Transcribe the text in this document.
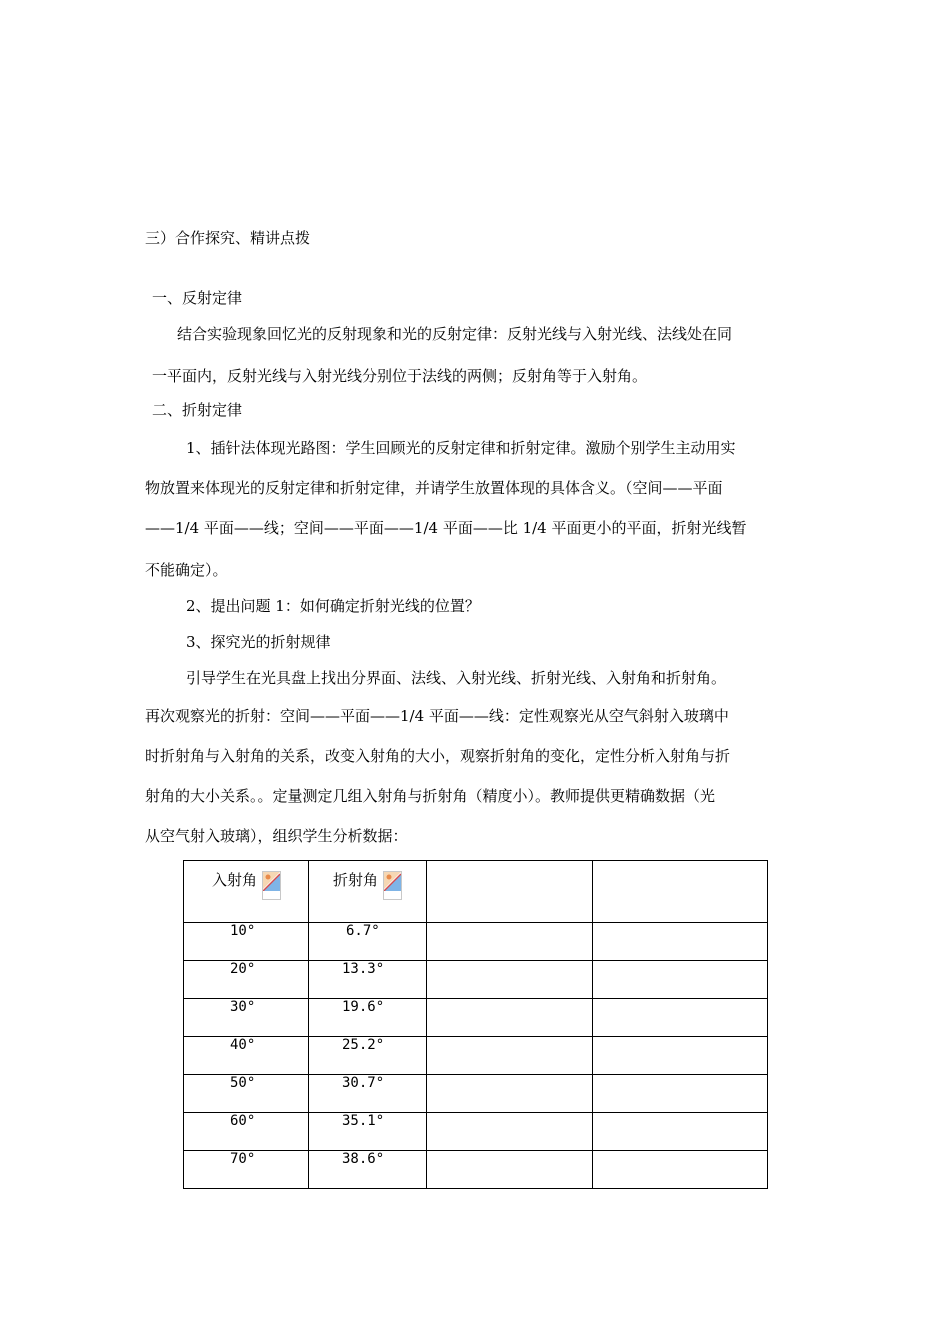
三）合作探究、精讲点拨
一、反射定律
结合实验现象回忆光的反射现象和光的反射定律：反射光线与入射光线、法线处在同
一平面内，反射光线与入射光线分别位于法线的两侧；反射角等于入射角。
二、折射定律
1、插针法体现光路图：学生回顾光的反射定律和折射定律。激励个别学生主动用实
物放置来体现光的反射定律和折射定律，并请学生放置体现的具体含义。（空间——平面
——1/4 平面——线；空间——平面——1/4 平面——比 1/4 平面更小的平面，折射光线暂
不能确定）。
2、提出问题 1：如何确定折射光线的位置？
3、探究光的折射规律
引导学生在光具盘上找出分界面、法线、入射光线、折射光线、入射角和折射角。
再次观察光的折射：空间——平面——1/4 平面——线：定性观察光从空气斜射入玻璃中
时折射角与入射角的关系，改变入射角的大小，观察折射角的变化，定性分析入射角与折
射角的大小关系。。定量测定几组入射角与折射角（精度小）。教师提供更精确数据（光
从空气射入玻璃），组织学生分析数据：
入射角	折射角		

10°	6.7°		
20°	13.3°		
30°	19.6°		
40°	25.2°		
50°	30.7°		
60°	35.1°		
70°	38.6°		
